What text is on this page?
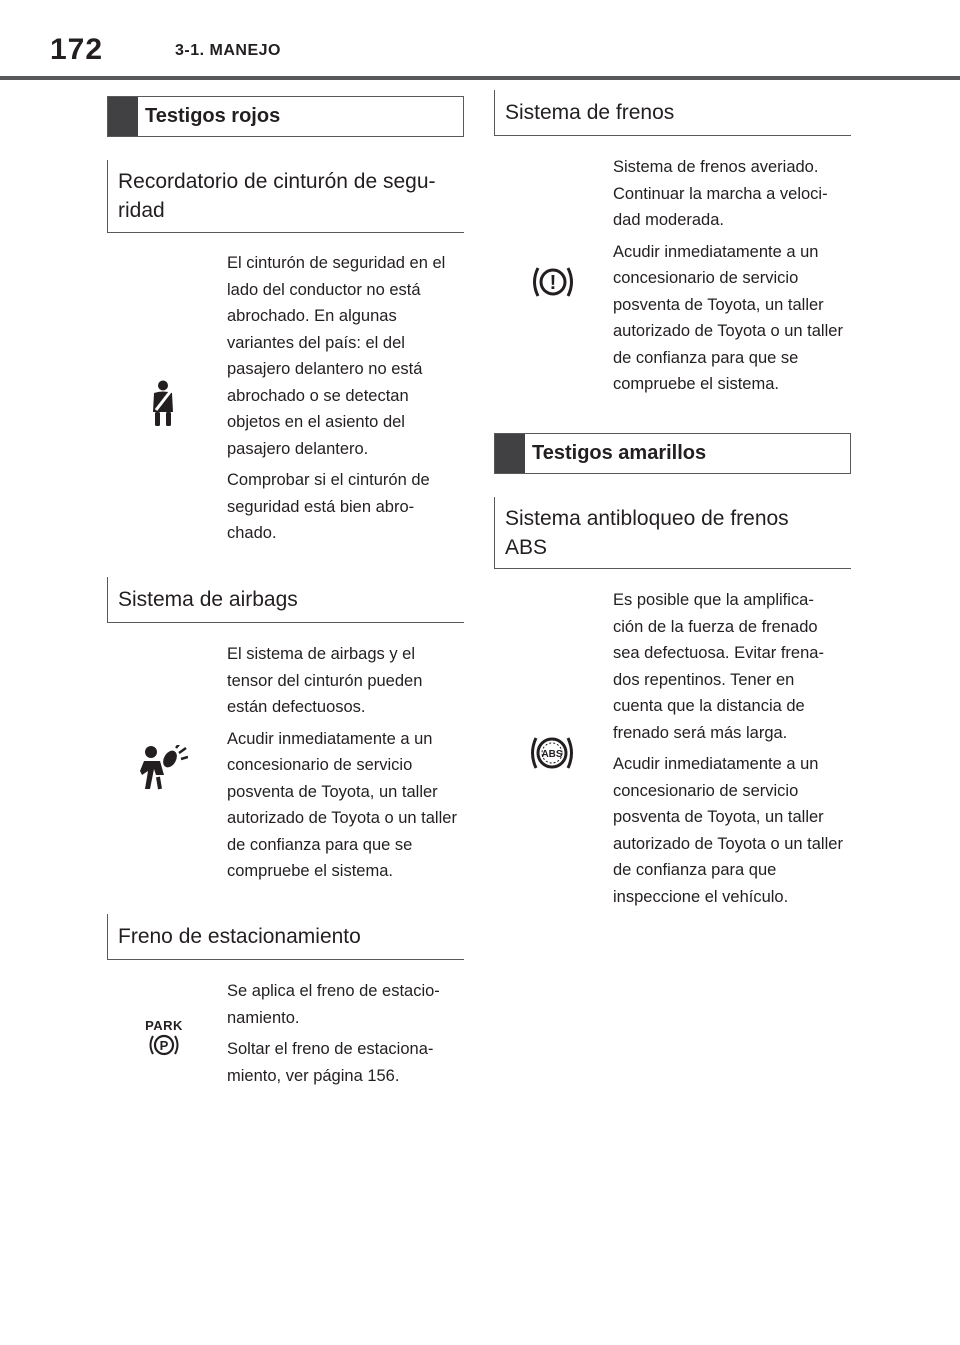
172	3-1. MANEJO
Testigos rojos
Recordatorio de cinturón de segu-
ridad

El cinturón de seguridad en el lado del conductor no está abrochado. En algunas variantes del país: el del pasajero delantero no está abrochado o se detectan objetos en el asiento del pasajero delantero.

Comprobar si el cinturón de seguridad está bien abro- chado.

Sistema de airbags

El sistema de airbags y el tensor del cinturón pueden están defectuosos.

Acudir inmediatamente a un concesionario de servicio posventa de Toyota, un taller autorizado de Toyota o un taller de confianza para que se compruebe el sistema.

Freno de estacionamiento
PARK
P

Se aplica el freno de estacio- namiento.

Soltar el freno de estaciona- miento, ver página 156.

Sistema de frenos
!

Sistema de frenos averiado. Continuar la marcha a veloci- dad moderada.

Acudir inmediatamente a un concesionario de servicio posventa de Toyota, un taller autorizado de Toyota o un taller de confianza para que se compruebe el sistema.

Testigos amarillos
Sistema antibloqueo de frenos
ABS
ABS

Es posible que la amplifica- ción de la fuerza de frenado sea defectuosa. Evitar frena- dos repentinos. Tener en cuenta que la distancia de frenado será más larga.

Acudir inmediatamente a un concesionario de servicio posventa de Toyota, un taller autorizado de Toyota o un taller de confianza para que inspeccione el vehículo.
